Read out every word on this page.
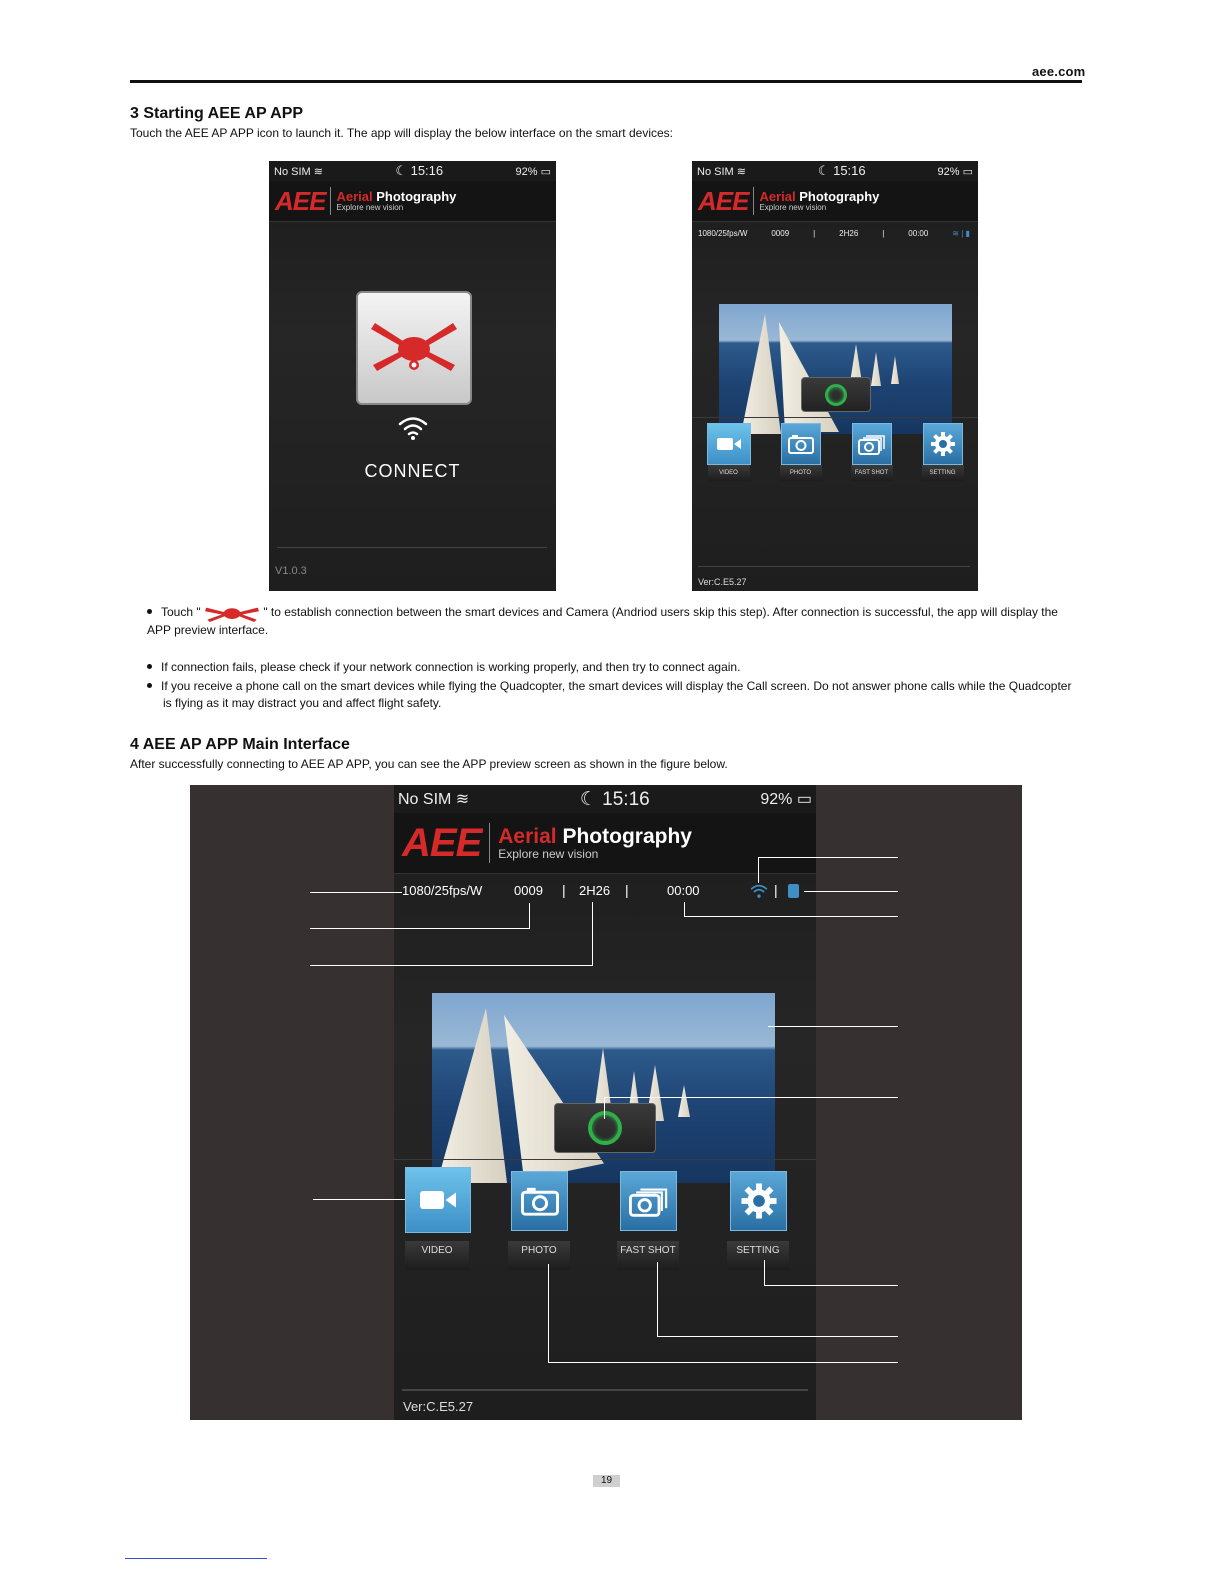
aee.com
3 Starting AEE AP APP
Touch the AEE AP APP icon to launch it. The app will display the below interface on the smart devices:
No SIM ≋	☾ 15:16	92% ▭
AEE Aerial Photography
Explore new vision
CONNECT
V1.0.3
No SIM ≋	☾ 15:16	92% ▭
AEE Aerial Photography
Explore new vision
1080/25fps/W	0009	|	2H26	|	00:00	≋ | ▮
VIDEO	PHOTO	FAST SHOT	SETTING
Ver:C.E5.27
Touch "	" to establish connection between the smart devices and Camera (Andriod users skip this step). After connection is successful, the app will display the APP preview interface.
If connection fails, please check if your network connection is working properly, and then try to connect again.
If you receive a phone call on the smart devices while flying the Quadcopter, the smart devices will display the Call screen. Do not answer phone calls while the Quadcopter is flying as it may distract you and affect flight safety.
4 AEE AP APP Main Interface
After successfully connecting to AEE AP APP, you can see the APP preview screen as shown in the figure below.
No SIM ≋	☾ 15:16	92% ▭
AEE Aerial Photography
Explore new vision
1080/25fps/W 0009 | 2H26 |	00:00	|
VIDEO	PHOTO	FAST SHOT	SETTING
Ver:C.E5.27
19
